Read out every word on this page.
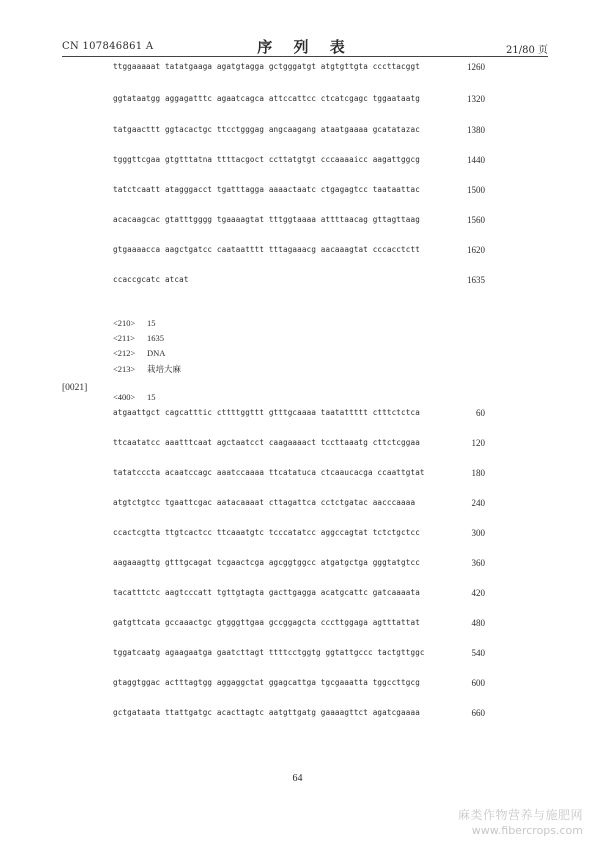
CN 107846861 A	序 列 表	21/80 页
ttggaaaaat tatatgaaga agatgtagga gctgggatgt atgtgttgta cccttacggt	1260
ggtataatgg aggagatttc agaatcagca attccattcc ctcatcgagc tggaataatg	1320
tatgaacttt ggtacactgc ttcctgggag angcaagang ataatgaaaa gcatatazac	1380
tgggttcgaa gtgtttatna ttttacgoct ccttatgtgt cccaaaaicc aagattggcg	1440
tatctcaatt atagggacct tgatttagga aaaactaatc ctgagagtcc taataattac	1500
acacaagcac gtatttgggg tgaaaagtat tttggtaaaa attttaacag gttagttaag	1560
gtgaaaacca aagctgatcc caataatttt tttagaaacg aacaaagtat cccacctctt	1620
ccaccgcatc atcat	1635
<210> 15
<211> 1635
<212> DNA
<213> 栽培大麻
[0021]
<400> 15
atgaattgct cagcatttic cttttggttt gtttgcaaaa taatattttt ctttctctca	60
ttcaatatcc aaatttcaat agctaatcct caagaaaact tccttaaatg cttctcggaa	120
tatatcccta acaatccagc aaatccaaaa ttcatatuca ctcaaucacga ccaattgtat	180
atgtctgtcc tgaattcgac aatacaaaat cttagattca cctctgatac aacccaaaa	240
ccactcgtta ttgtcactcc ttcaaatgtc tcccatatcc aggccagtat tctctgctcc	300
aagaaagttg gtttgcagat tcgaactcga agcggtggcc atgatgctga gggtatgtcc	360
tacatttctc aagtcccatt tgttgtagta gacttgagga acatgcattc gatcaaaata	420
gatgttcata gccaaactgc gtgggttgaa gccggagcta cccttggaga agtttattat	480
tggatcaatg agaagaatga gaatcttagt ttttcctggtg ggtattgccc tactgttggc	540
gtaggtggac actttagtgg aggaggctat ggagcattga tgcgaaatta tggccttgcg	600
gctgataata ttattgatgc acacttagtc aatgttgatg gaaaagttct agatcgaaaa	660
64
麻类作物营养与施肥网
www.fibercrops.com
